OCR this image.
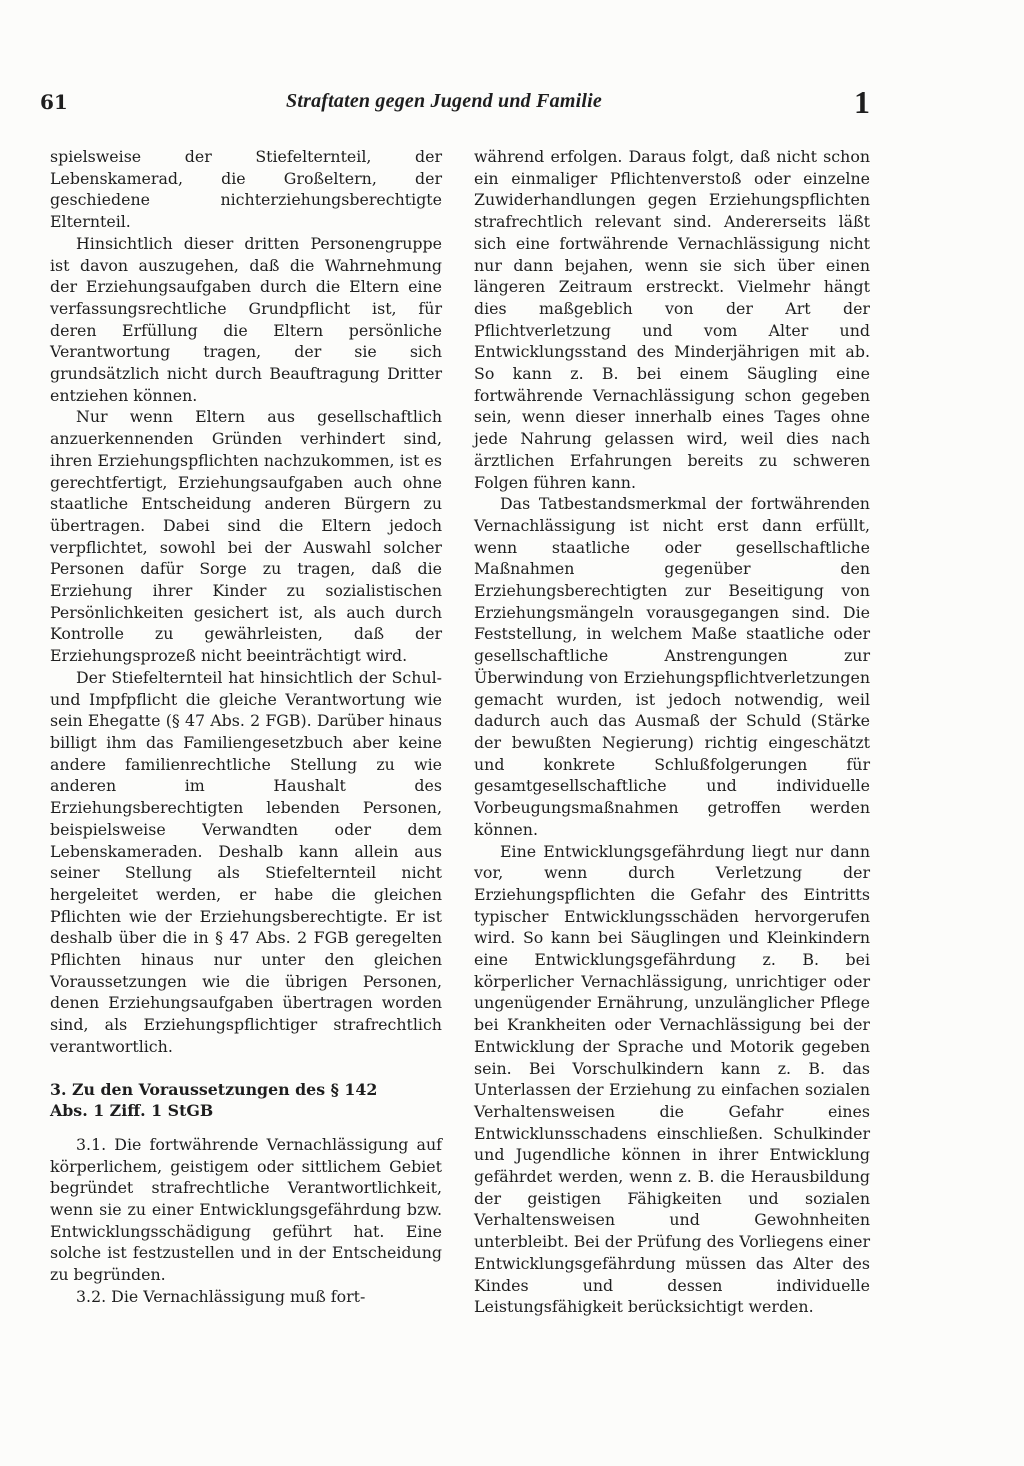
61	Straftaten gegen Jugend und Familie	1

spielsweise der Stiefelternteil, der Lebenskamerad, die Großeltern, der geschiedene nichterziehungsberechtigte Elternteil.

Hinsichtlich dieser dritten Personengruppe ist davon auszugehen, daß die Wahrnehmung der Erziehungsaufgaben durch die Eltern eine verfassungsrechtliche Grundpflicht ist, für deren Erfüllung die Eltern persönliche Verantwortung tragen, der sie sich grundsätzlich nicht durch Beauftragung Dritter entziehen können.

Nur wenn Eltern aus gesellschaftlich anzuerkennenden Gründen verhindert sind, ihren Erziehungspflichten nachzukommen, ist es gerechtfertigt, Erziehungsaufgaben auch ohne staatliche Entscheidung anderen Bürgern zu übertragen. Dabei sind die Eltern jedoch verpflichtet, sowohl bei der Auswahl solcher Personen dafür Sorge zu tragen, daß die Erziehung ihrer Kinder zu sozialistischen Persönlichkeiten gesichert ist, als auch durch Kontrolle zu gewährleisten, daß der Erziehungsprozeß nicht beeinträchtigt wird.

Der Stiefelternteil hat hinsichtlich der Schul- und Impfpflicht die gleiche Verantwortung wie sein Ehegatte (§ 47 Abs. 2 FGB). Darüber hinaus billigt ihm das Familiengesetzbuch aber keine andere familienrechtliche Stellung zu wie anderen im Haushalt des Erziehungsberechtigten lebenden Personen, beispielsweise Verwandten oder dem Lebenskameraden. Deshalb kann allein aus seiner Stellung als Stiefelternteil nicht hergeleitet werden, er habe die gleichen Pflichten wie der Erziehungsberechtigte. Er ist deshalb über die in § 47 Abs. 2 FGB geregelten Pflichten hinaus nur unter den gleichen Voraussetzungen wie die übrigen Personen, denen Erziehungsaufgaben übertragen worden sind, als Erziehungspflichtiger strafrechtlich verantwortlich.

3. Zu den Voraussetzungen des § 142
Abs. 1 Ziff. 1 StGB

3.1. Die fortwährende Vernachlässigung auf körperlichem, geistigem oder sittlichem Gebiet begründet strafrechtliche Verantwortlichkeit, wenn sie zu einer Entwicklungsgefährdung bzw. Entwicklungsschädigung geführt hat. Eine solche ist festzustellen und in der Entscheidung zu begründen.

3.2. Die Vernachlässigung muß fort-

während erfolgen. Daraus folgt, daß nicht schon ein einmaliger Pflichtenverstoß oder einzelne Zuwiderhandlungen gegen Erziehungspflichten strafrechtlich relevant sind. Andererseits läßt sich eine fortwährende Vernachlässigung nicht nur dann bejahen, wenn sie sich über einen längeren Zeitraum erstreckt. Vielmehr hängt dies maßgeblich von der Art der Pflichtverletzung und vom Alter und Entwicklungsstand des Minderjährigen mit ab. So kann z. B. bei einem Säugling eine fortwährende Vernachlässigung schon gegeben sein, wenn dieser innerhalb eines Tages ohne jede Nahrung gelassen wird, weil dies nach ärztlichen Erfahrungen bereits zu schweren Folgen führen kann.

Das Tatbestandsmerkmal der fortwährenden Vernachlässigung ist nicht erst dann erfüllt, wenn staatliche oder gesellschaftliche Maßnahmen gegenüber den Erziehungsberechtigten zur Beseitigung von Erziehungsmängeln vorausgegangen sind. Die Feststellung, in welchem Maße staatliche oder gesellschaftliche Anstrengungen zur Überwindung von Erziehungspflichtverletzungen gemacht wurden, ist jedoch notwendig, weil dadurch auch das Ausmaß der Schuld (Stärke der bewußten Negierung) richtig eingeschätzt und konkrete Schlußfolgerungen für gesamtgesellschaftliche und individuelle Vorbeugungsmaßnahmen getroffen werden können.

Eine Entwicklungsgefährdung liegt nur dann vor, wenn durch Verletzung der Erziehungspflichten die Gefahr des Eintritts typischer Entwicklungsschäden hervorgerufen wird. So kann bei Säuglingen und Kleinkindern eine Entwicklungsgefährdung z. B. bei körperlicher Vernachlässigung, unrichtiger oder ungenügender Ernährung, unzulänglicher Pflege bei Krankheiten oder Vernachlässigung bei der Entwicklung der Sprache und Motorik gegeben sein. Bei Vorschulkindern kann z. B. das Unterlassen der Erziehung zu einfachen sozialen Verhaltensweisen die Gefahr eines Entwicklunsschadens einschließen. Schulkinder und Jugendliche können in ihrer Entwicklung gefährdet werden, wenn z. B. die Herausbildung der geistigen Fähigkeiten und sozialen Verhaltensweisen und Gewohnheiten unterbleibt. Bei der Prüfung des Vorliegens einer Entwicklungsgefährdung müssen das Alter des Kindes und dessen individuelle Leistungsfähigkeit berücksichtigt werden.
